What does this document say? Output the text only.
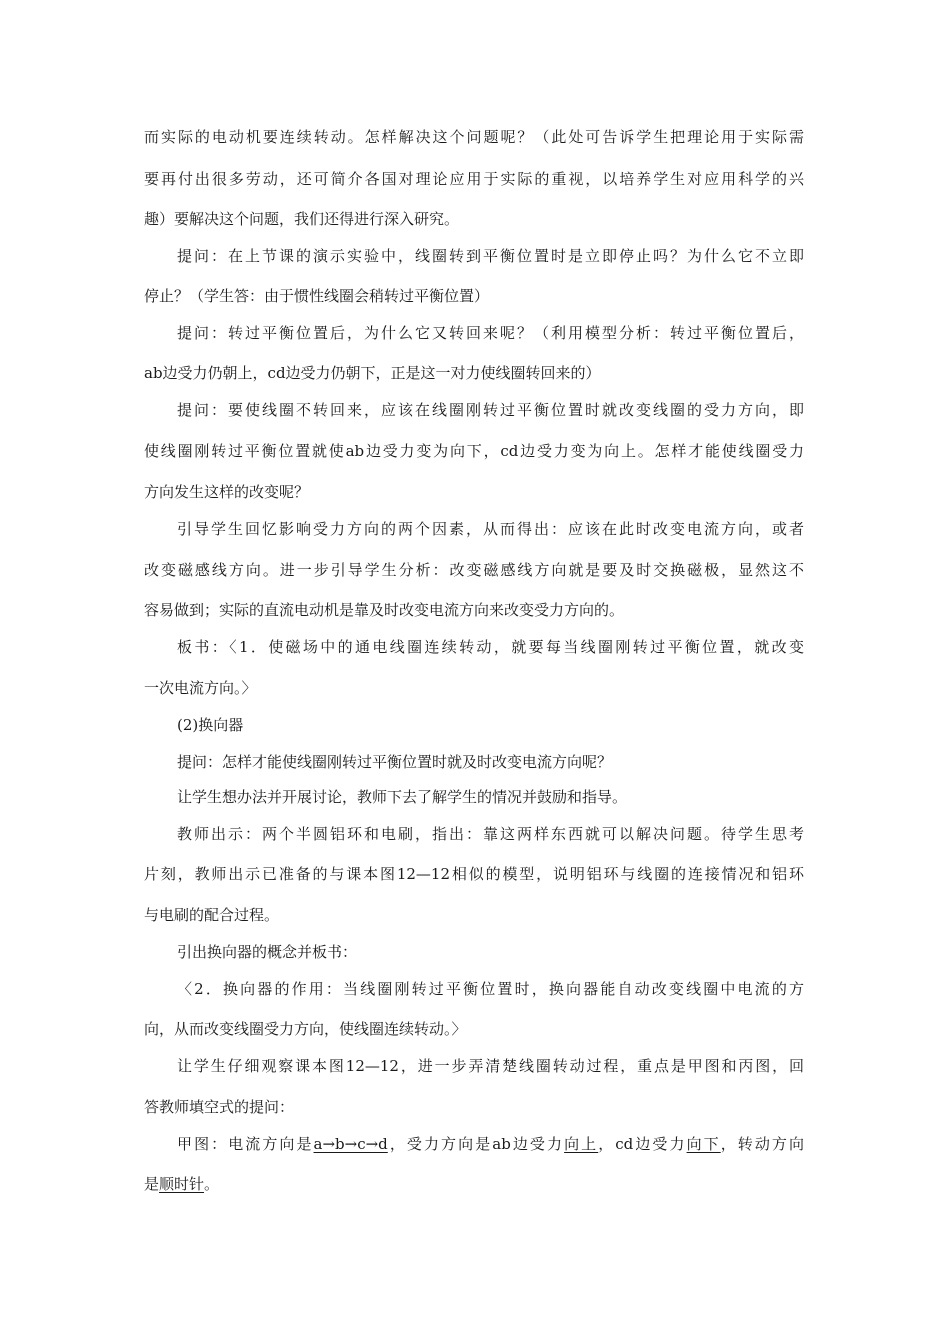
而实际的电动机要连续转动。怎样解决这个问题呢？（此处可告诉学生把理论用于实际需
要再付出很多劳动，还可简介各国对理论应用于实际的重视，以培养学生对应用科学的兴
趣）要解决这个问题，我们还得进行深入研究。
提问：在上节课的演示实验中，线圈转到平衡位置时是立即停止吗？为什么它不立即
停止？（学生答：由于惯性线圈会稍转过平衡位置）
提问：转过平衡位置后，为什么它又转回来呢？（利用模型分析：转过平衡位置后，
ab边受力仍朝上，cd边受力仍朝下，正是这一对力使线圈转回来的）
提问：要使线圈不转回来，应该在线圈刚转过平衡位置时就改变线圈的受力方向，即
使线圈刚转过平衡位置就使ab边受力变为向下，cd边受力变为向上。怎样才能使线圈受力
方向发生这样的改变呢？
引导学生回忆影响受力方向的两个因素，从而得出：应该在此时改变电流方向，或者
改变磁感线方向。进一步引导学生分析：改变磁感线方向就是要及时交换磁极，显然这不
容易做到；实际的直流电动机是靠及时改变电流方向来改变受力方向的。
板书：〈1．使磁场中的通电线圈连续转动，就要每当线圈刚转过平衡位置，就改变
一次电流方向。〉
(2)换向器
提问：怎样才能使线圈刚转过平衡位置时就及时改变电流方向呢？
让学生想办法并开展讨论，教师下去了解学生的情况并鼓励和指导。
教师出示：两个半圆铝环和电刷，指出：靠这两样东西就可以解决问题。待学生思考
片刻，教师出示已准备的与课本图12—12相似的模型，说明铝环与线圈的连接情况和铝环
与电刷的配合过程。
引出换向器的概念并板书：
〈2．换向器的作用：当线圈刚转过平衡位置时，换向器能自动改变线圈中电流的方
向，从而改变线圈受力方向，使线圈连续转动。〉
让学生仔细观察课本图12—12，进一步弄清楚线圈转动过程，重点是甲图和丙图，回
答教师填空式的提问：
甲图：电流方向是a→b→c→d，受力方向是ab边受力向上，cd边受力向下，转动方向
是顺时针。
